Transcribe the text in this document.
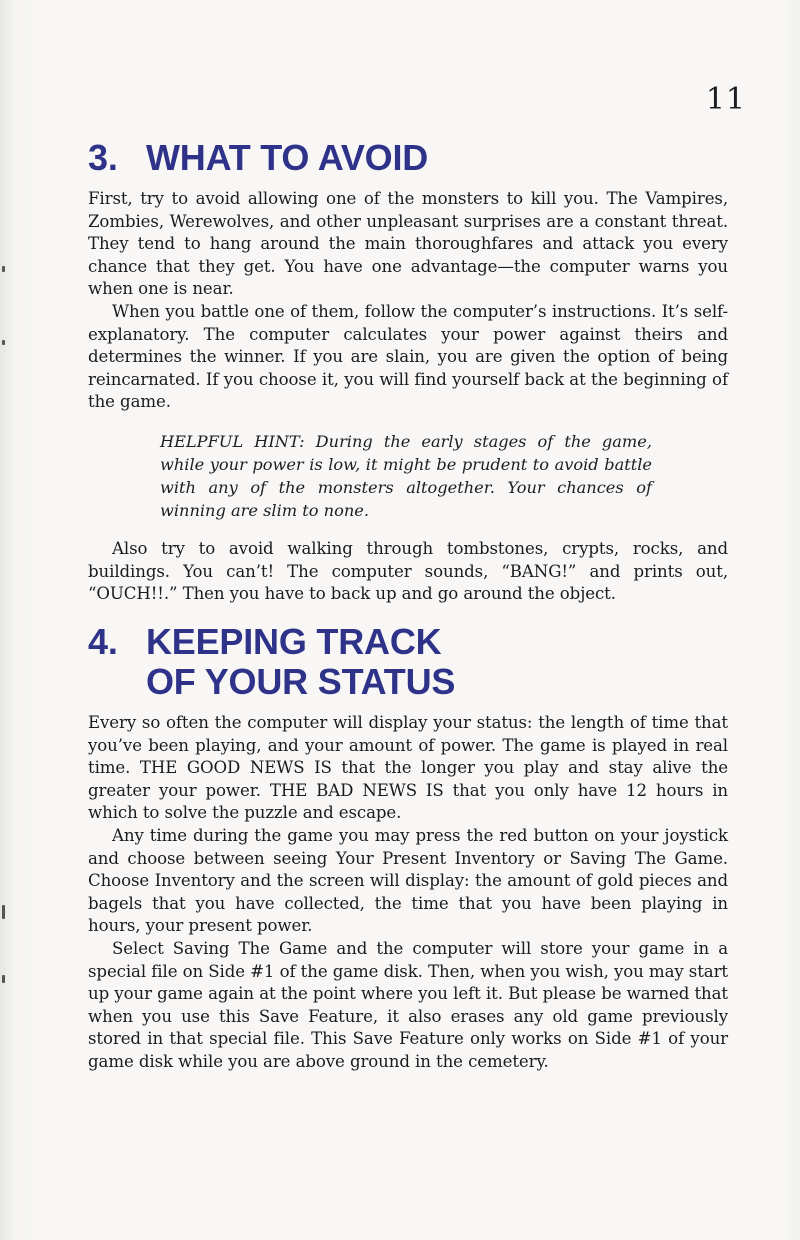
11
3. WHAT TO AVOID

First, try to avoid allowing one of the monsters to kill you. The Vampires, Zombies, Werewolves, and other unpleasant surprises are a constant threat. They tend to hang around the main thoroughfares and attack you every chance that they get. You have one advantage—the computer warns you when one is near.

When you battle one of them, follow the computer’s instructions. It’s self-explanatory. The computer calculates your power against theirs and determines the winner. If you are slain, you are given the option of being reincarnated. If you choose it, you will find yourself back at the beginning of the game.

HELPFUL HINT: During the early stages of the game, while your power is low, it might be prudent to avoid battle with any of the monsters altogether. Your chances of winning are slim to none.

Also try to avoid walking through tombstones, crypts, rocks, and buildings. You can’t! The computer sounds, “BANG!” and prints out, “OUCH!!.” Then you have to back up and go around the object.

4. KEEPING TRACK
OF YOUR STATUS

Every so often the computer will display your status: the length of time that you’ve been playing, and your amount of power. The game is played in real time. THE GOOD NEWS IS that the longer you play and stay alive the greater your power. THE BAD NEWS IS that you only have 12 hours in which to solve the puzzle and escape.

Any time during the game you may press the red button on your joystick and choose between seeing Your Present Inventory or Saving The Game. Choose Inventory and the screen will display: the amount of gold pieces and bagels that you have collected, the time that you have been playing in hours, your present power.

Select Saving The Game and the computer will store your game in a special file on Side #1 of the game disk. Then, when you wish, you may start up your game again at the point where you left it. But please be warned that when you use this Save Feature, it also erases any old game previously stored in that special file. This Save Feature only works on Side #1 of your game disk while you are above ground in the cemetery.
